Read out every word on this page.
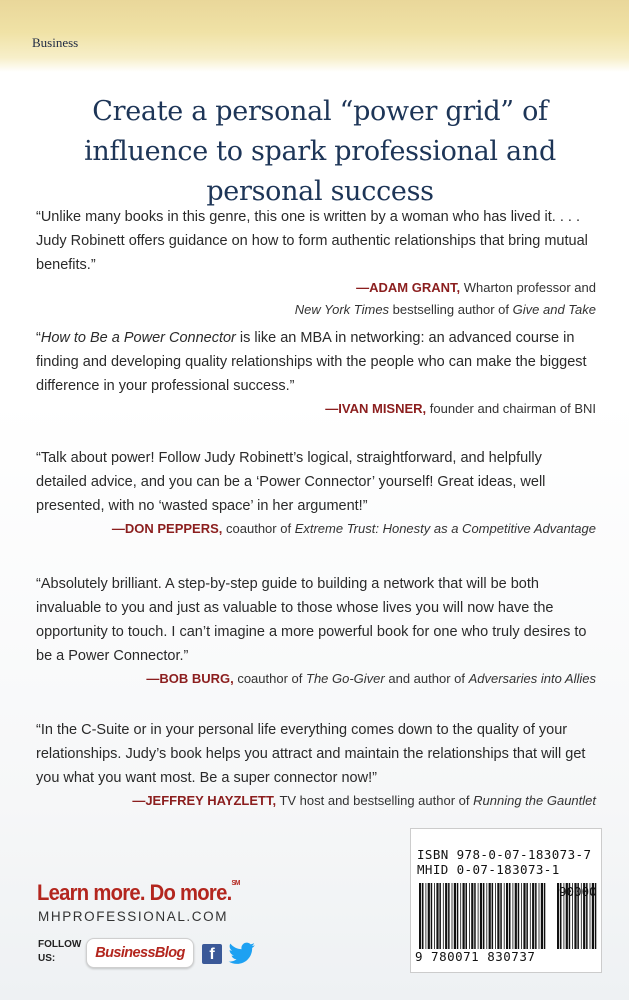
Business
Create a personal “power grid” of influence to spark professional and personal success
“Unlike many books in this genre, this one is written by a woman who has lived it. . . . Judy Robinett offers guidance on how to form authentic relationships that bring mutual benefits.”
—ADAM GRANT, Wharton professor and
New York Times bestselling author of Give and Take
“How to Be a Power Connector is like an MBA in networking: an advanced course in finding and developing quality relationships with the people who can make the biggest difference in your professional success.”
—IVAN MISNER, founder and chairman of BNI
“Talk about power! Follow Judy Robinett’s logical, straightforward, and helpfully detailed advice, and you can be a ‘Power Connector’ yourself! Great ideas, well presented, with no ‘wasted space’ in her argument!”
—DON PEPPERS, coauthor of Extreme Trust: Honesty as a Competitive Advantage
“Absolutely brilliant. A step-by-step guide to building a network that will be both invaluable to you and just as valuable to those whose lives you will now have the opportunity to touch. I can’t imagine a more powerful book for one who truly desires to be a Power Connector.”
—BOB BURG, coauthor of The Go-Giver and author of Adversaries into Allies
“In the C-Suite or in your personal life everything comes down to the quality of your relationships. Judy’s book helps you attract and maintain the relationships that will get you what you want most. Be a super connector now!”
—JEFFREY HAYZLETT, TV host and bestselling author of Running the Gauntlet
Learn more. Do more.℠
MHPROFESSIONAL.COM
FOLLOW
US:	BusinessBlog	f
ISBN 978-0-07-183073-7
MHID 0-07-183073-1
90000
9 780071 830737
